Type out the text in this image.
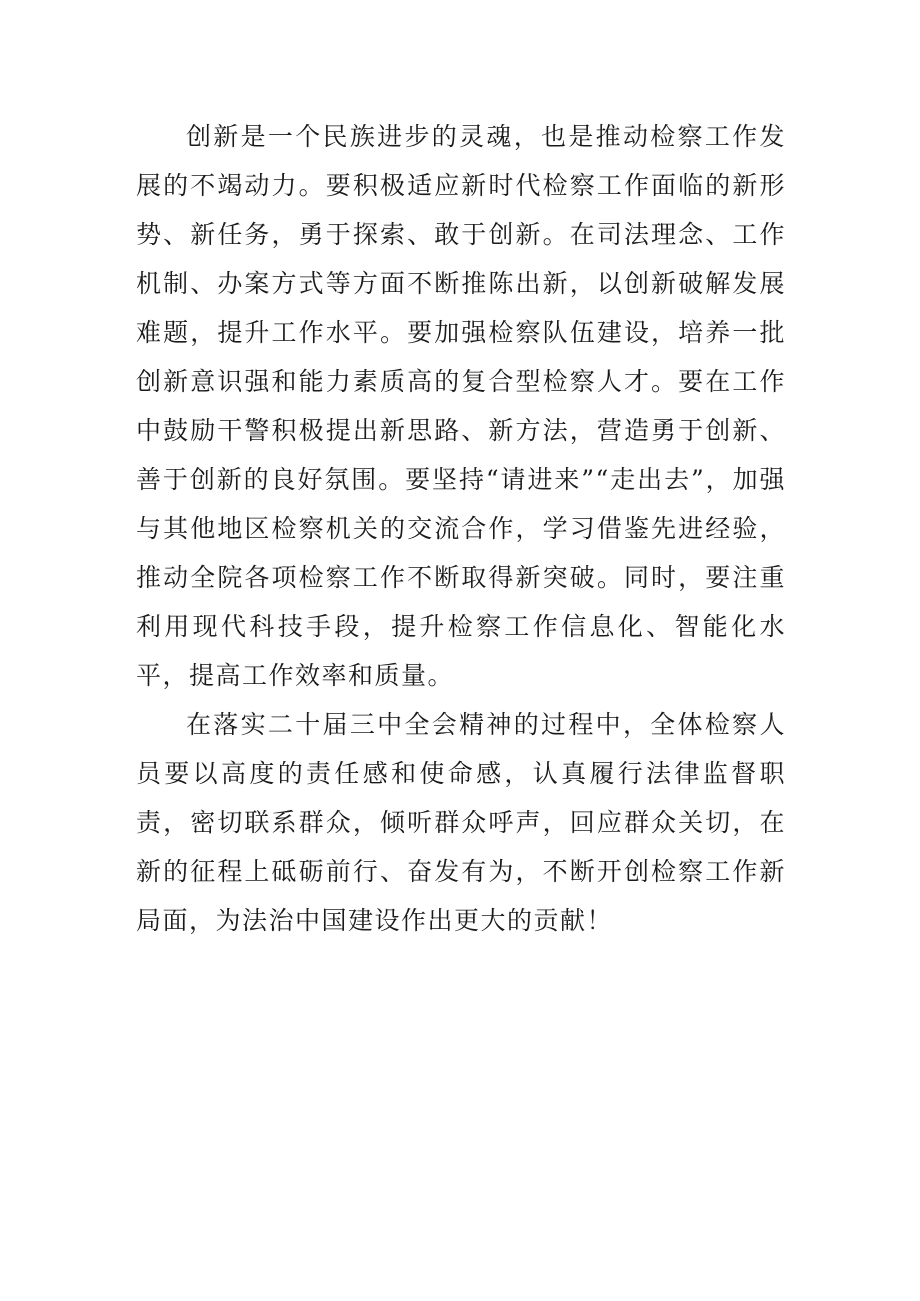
创新是一个民族进步的灵魂，也是推动检察工作发展的不竭动力。要积极适应新时代检察工作面临的新形势、新任务，勇于探索、敢于创新。在司法理念、工作机制、办案方式等方面不断推陈出新，以创新破解发展难题，提升工作水平。要加强检察队伍建设，培养一批创新意识强和能力素质高的复合型检察人才。要在工作中鼓励干警积极提出新思路、新方法，营造勇于创新、善于创新的良好氛围。要坚持“请进来”“走出去”，加强与其他地区检察机关的交流合作，学习借鉴先进经验，推动全院各项检察工作不断取得新突破。同时，要注重利用现代科技手段，提升检察工作信息化、智能化水平，提高工作效率和质量。

在落实二十届三中全会精神的过程中，全体检察人员要以高度的责任感和使命感，认真履行法律监督职责，密切联系群众，倾听群众呼声，回应群众关切，在新的征程上砥砺前行、奋发有为，不断开创检察工作新局面，为法治中国建设作出更大的贡献！
